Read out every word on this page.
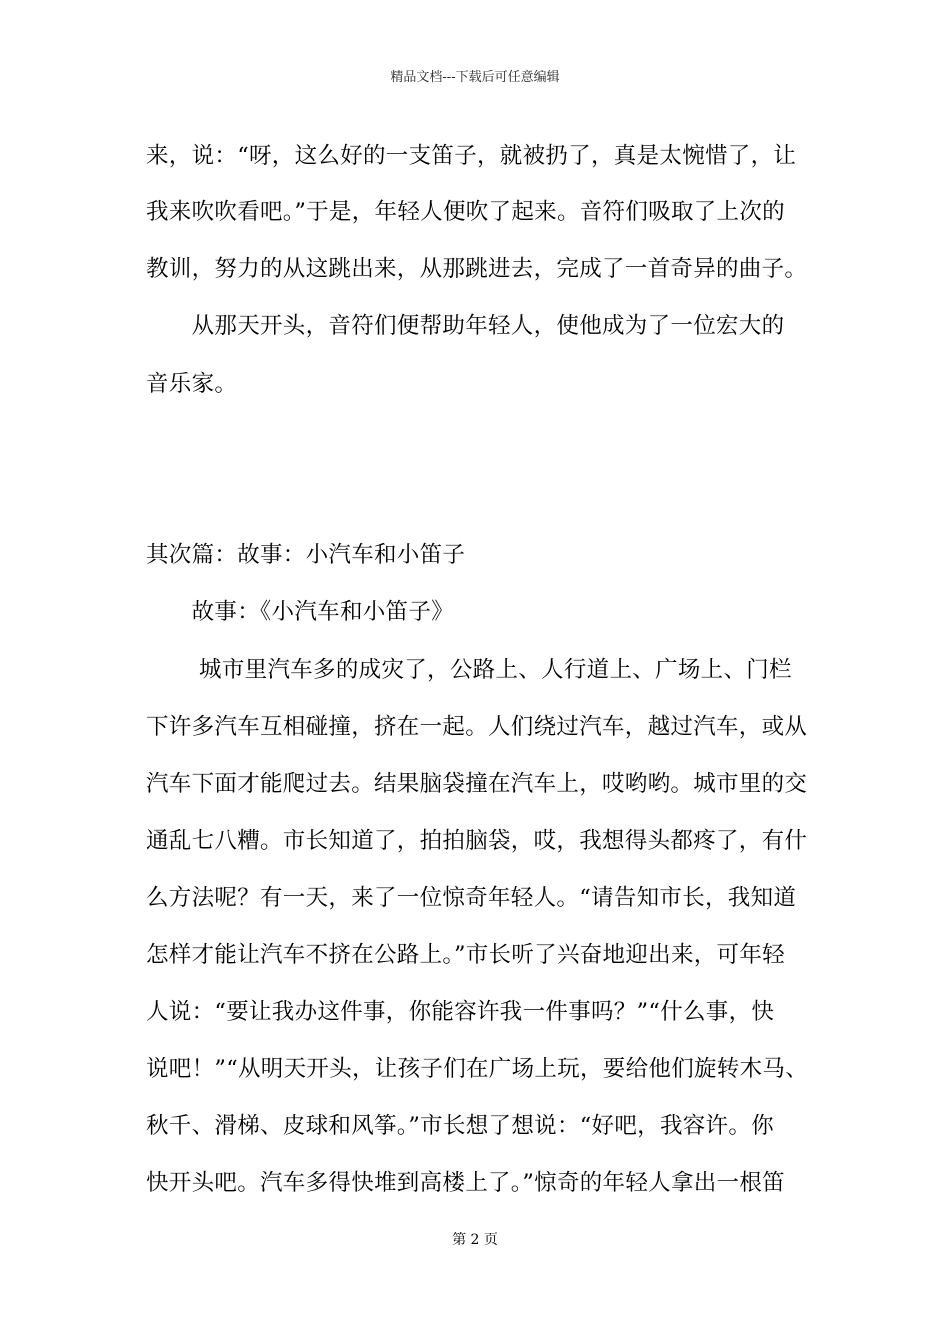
精品文档---下载后可任意编辑
来，说：“呀，这么好的一支笛子，就被扔了，真是太惋惜了，让
我来吹吹看吧。”于是，年轻人便吹了起来。音符们吸取了上次的
教训，努力的从这跳出来，从那跳进去，完成了一首奇异的曲子。
　　从那天开头，音符们便帮助年轻人，使他成为了一位宏大的
音乐家。
其次篇：故事：小汽车和小笛子
　　故事：《小汽车和小笛子》
　　 城市里汽车多的成灾了，公路上、人行道上、广场上、门栏
下许多汽车互相碰撞，挤在一起。人们绕过汽车，越过汽车，或从
汽车下面才能爬过去。结果脑袋撞在汽车上，哎哟哟。城市里的交
通乱七八糟。市长知道了，拍拍脑袋，哎，我想得头都疼了，有什
么方法呢？有一天，来了一位惊奇年轻人。“请告知市长，我知道
怎样才能让汽车不挤在公路上。”市长听了兴奋地迎出来，可年轻
人说：“要让我办这件事，你能容许我一件事吗？”“什么事，快
说吧！”“从明天开头，让孩子们在广场上玩，要给他们旋转木马、
秋千、滑梯、皮球和风筝。”市长想了想说：“好吧，我容许。你
快开头吧。汽车多得快堆到高楼上了。”惊奇的年轻人拿出一根笛
第 2 页
